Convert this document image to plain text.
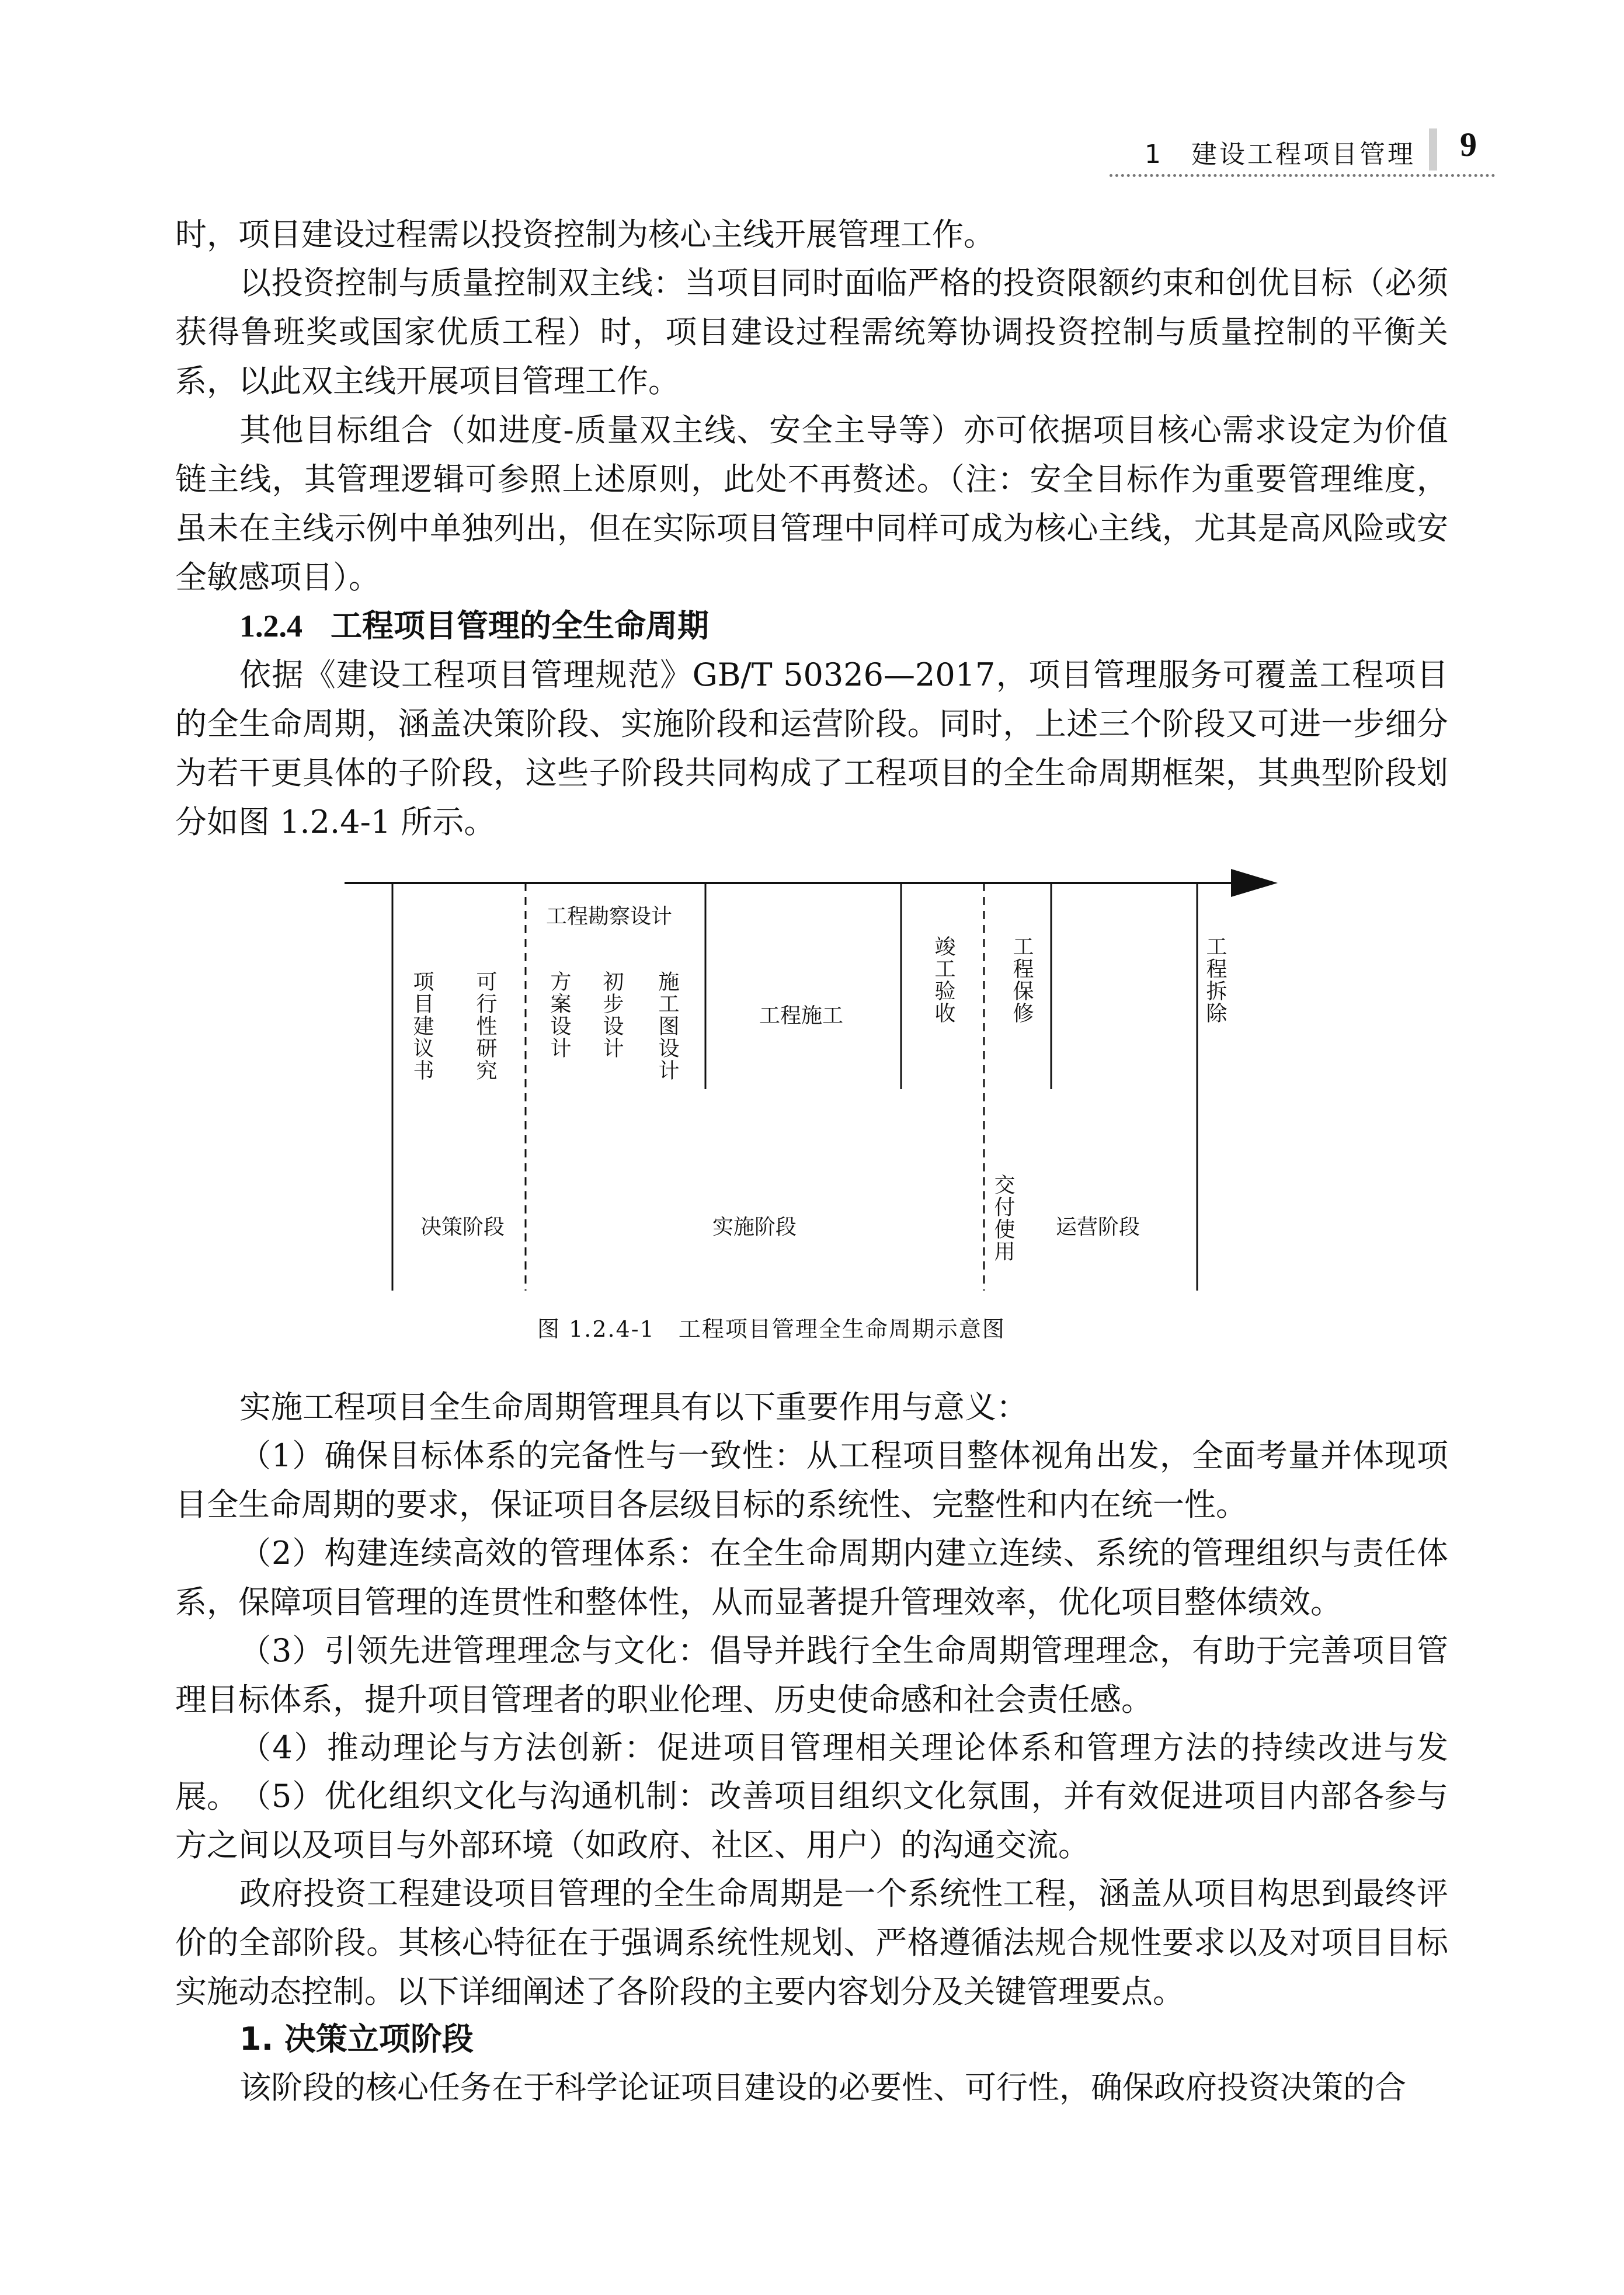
1　建设工程项目管理 9

时，项目建设过程需以投资控制为核心主线开展管理工作。

以投资控制与质量控制双主线：当项目同时面临严格的投资限额约束和创优目标（必须获得鲁班奖或国家优质工程）时，项目建设过程需统筹协调投资控制与质量控制的平衡关系，以此双主线开展项目管理工作。

其他目标组合（如进度-质量双主线、安全主导等）亦可依据项目核心需求设定为价值链主线，其管理逻辑可参照上述原则，此处不再赘述。（注：安全目标作为重要管理维度，虽未在主线示例中单独列出，但在实际项目管理中同样可成为核心主线，尤其是高风险或安全敏感项目）。

1.2.4 工程项目管理的全生命周期

依据《建设工程项目管理规范》GB/T 50326—2017，项目管理服务可覆盖工程项目的全生命周期，涵盖决策阶段、实施阶段和运营阶段。同时，上述三个阶段又可进一步细分为若干更具体的子阶段，这些子阶段共同构成了工程项目的全生命周期框架，其典型阶段划分如图 1.2.4-1 所示。

工程勘察设计
项目建议书 可行性研究 方案设计 初步设计 施工图设计	工程施工	竣工验收	工程保修	工程拆除
交付使用
决策阶段	实施阶段	运营阶段
图 1.2.4-1　 工程项目管理全生命周期示意图

实施工程项目全生命周期管理具有以下重要作用与意义：

（1）确保目标体系的完备性与一致性：从工程项目整体视角出发，全面考量并体现项目全生命周期的要求，保证项目各层级目标的系统性、完整性和内在统一性。

（2）构建连续高效的管理体系：在全生命周期内建立连续、系统的管理组织与责任体系，保障项目管理的连贯性和整体性，从而显著提升管理效率，优化项目整体绩效。

（3）引领先进管理理念与文化：倡导并践行全生命周期管理理念，有助于完善项目管理目标体系，提升项目管理者的职业伦理、历史使命感和社会责任感。

（4）推动理论与方法创新：促进项目管理相关理论体系和管理方法的持续改进与发展。 （5）优化组织文化与沟通机制：改善项目组织文化氛围，并有效促进项目内部各参与方之间以及项目与外部环境（如政府、社区、用户）的沟通交流。

政府投资工程建设项目管理的全生命周期是一个系统性工程，涵盖从项目构思到最终评价的全部阶段。其核心特征在于强调系统性规划、严格遵循法规合规性要求以及对项目目标实施动态控制。以下详细阐述了各阶段的主要内容划分及关键管理要点。

1. 决策立项阶段

该阶段的核心任务在于科学论证项目建设的必要性、可行性，确保政府投资决策的合
